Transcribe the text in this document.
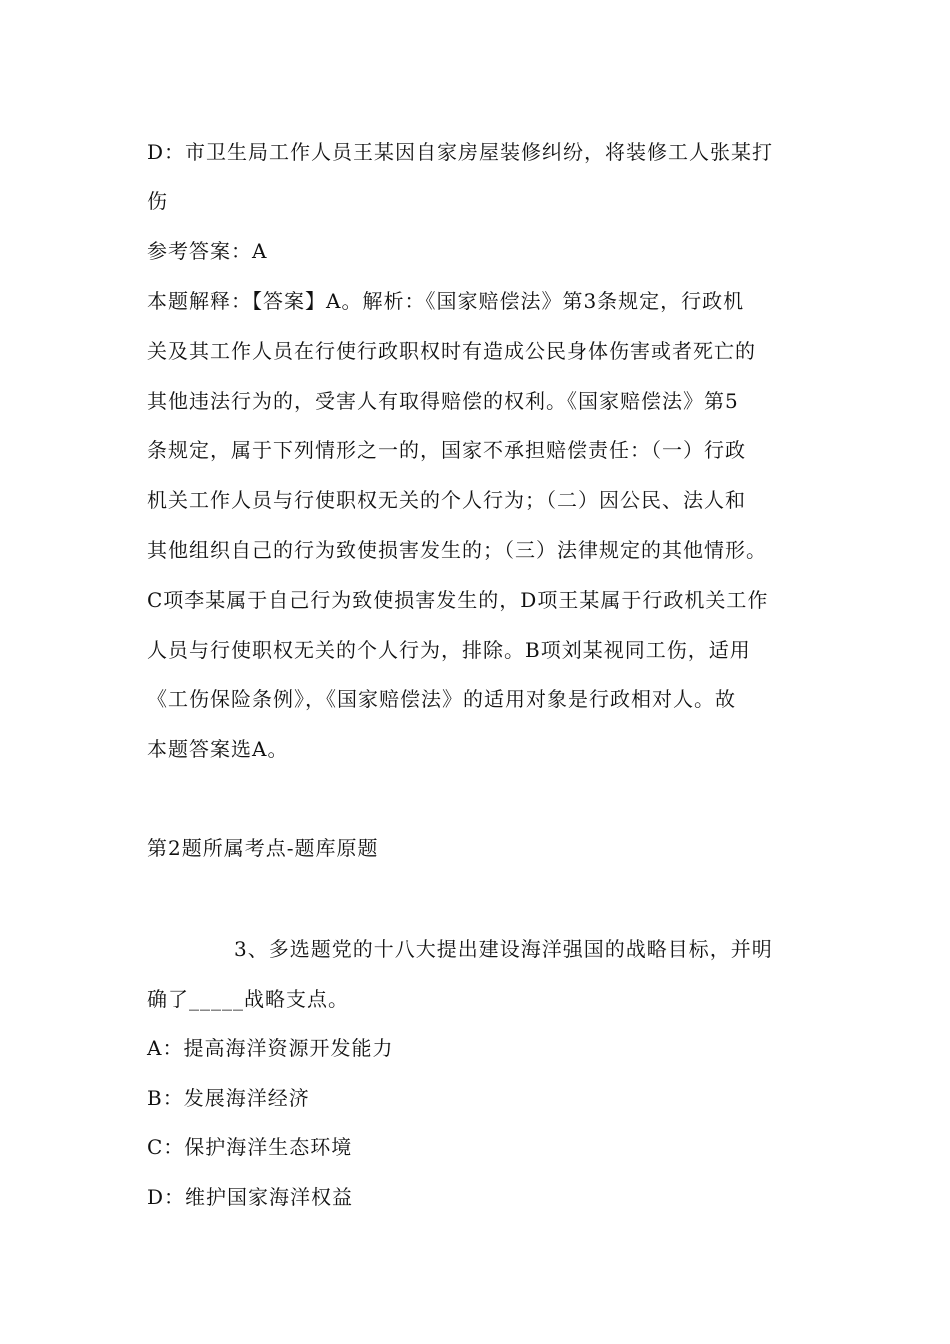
D：市卫生局工作人员王某因自家房屋装修纠纷，将装修工人张某打
伤
参考答案：A
本题解释：【答案】A。解析：《国家赔偿法》第3条规定，行政机
关及其工作人员在行使行政职权时有造成公民身体伤害或者死亡的
其他违法行为的，受害人有取得赔偿的权利。《国家赔偿法》第5
条规定，属于下列情形之一的，国家不承担赔偿责任：（一）行政
机关工作人员与行使职权无关的个人行为；（二）因公民、法人和
其他组织自己的行为致使损害发生的；（三）法律规定的其他情形。
C项李某属于自己行为致使损害发生的，D项王某属于行政机关工作
人员与行使职权无关的个人行为，排除。B项刘某视同工伤，适用
《工伤保险条例》，《国家赔偿法》的适用对象是行政相对人。故
本题答案选A。
第2题所属考点-题库原题
3、多选题党的十八大提出建设海洋强国的战略目标，并明
确了_____战略支点。
A：提高海洋资源开发能力
B：发展海洋经济
C：保护海洋生态环境
D：维护国家海洋权益
